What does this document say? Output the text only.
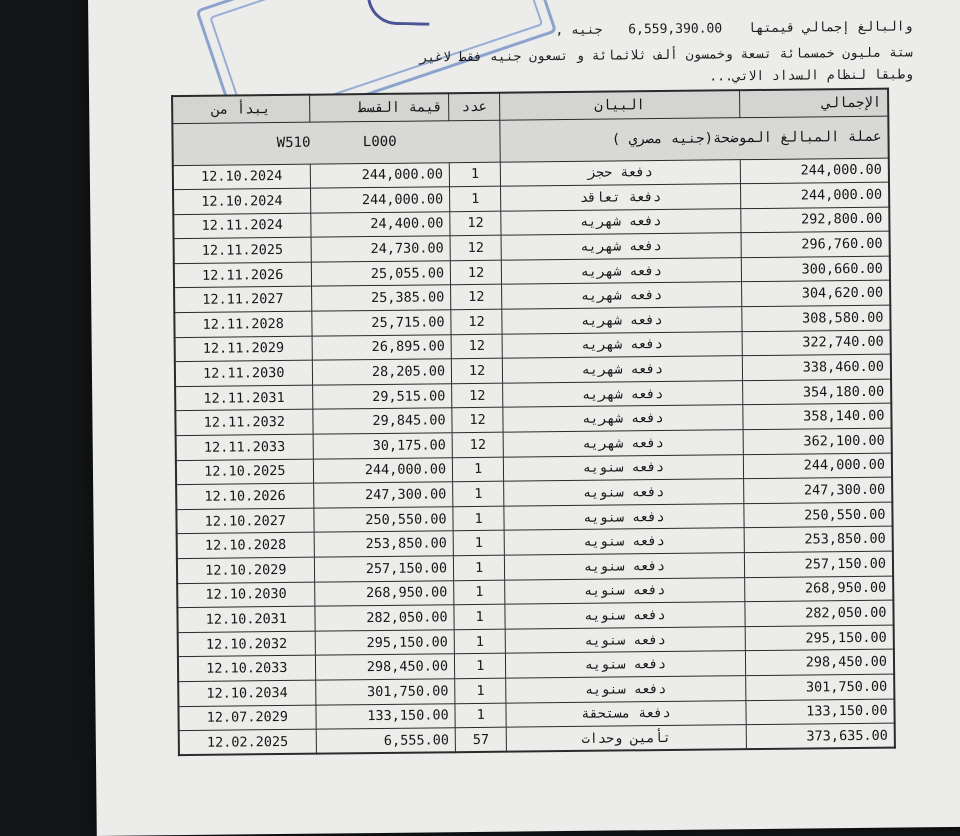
والبالغ إجمالي قيمتها 6,559,390.00 جنيه ,
ستة مليون خمسمائة تسعة وخمسون ألف ثلاثمائة و تسعون جنيه فقط لاغير
وطبقا لنظام السداد الاتي...
W510 L000			عملة المبالغ الموضحة(جنيه مصري )	
يبدأ من	قيمة القسط	عدد	البيان	الإجمالي
12.10.2024	244,000.00	1	دفعة حجز	244,000.00
12.10.2024	244,000.00	1	دفعة تعاقد	244,000.00
12.11.2024	24,400.00	12	دفعه شهريه	292,800.00
12.11.2025	24,730.00	12	دفعه شهريه	296,760.00
12.11.2026	25,055.00	12	دفعه شهريه	300,660.00
12.11.2027	25,385.00	12	دفعه شهريه	304,620.00
12.11.2028	25,715.00	12	دفعه شهريه	308,580.00
12.11.2029	26,895.00	12	دفعه شهريه	322,740.00
12.11.2030	28,205.00	12	دفعه شهريه	338,460.00
12.11.2031	29,515.00	12	دفعه شهريه	354,180.00
12.11.2032	29,845.00	12	دفعه شهريه	358,140.00
12.11.2033	30,175.00	12	دفعه شهريه	362,100.00
12.10.2025	244,000.00	1	دفعه سنويه	244,000.00
12.10.2026	247,300.00	1	دفعه سنويه	247,300.00
12.10.2027	250,550.00	1	دفعه سنويه	250,550.00
12.10.2028	253,850.00	1	دفعه سنويه	253,850.00
12.10.2029	257,150.00	1	دفعه سنويه	257,150.00
12.10.2030	268,950.00	1	دفعه سنويه	268,950.00
12.10.2031	282,050.00	1	دفعه سنويه	282,050.00
12.10.2032	295,150.00	1	دفعه سنويه	295,150.00
12.10.2033	298,450.00	1	دفعه سنويه	298,450.00
12.10.2034	301,750.00	1	دفعه سنويه	301,750.00
12.07.2029	133,150.00	1	دفعة مستحقة	133,150.00
12.02.2025	6,555.00	57	تأمين وحدات	373,635.00
